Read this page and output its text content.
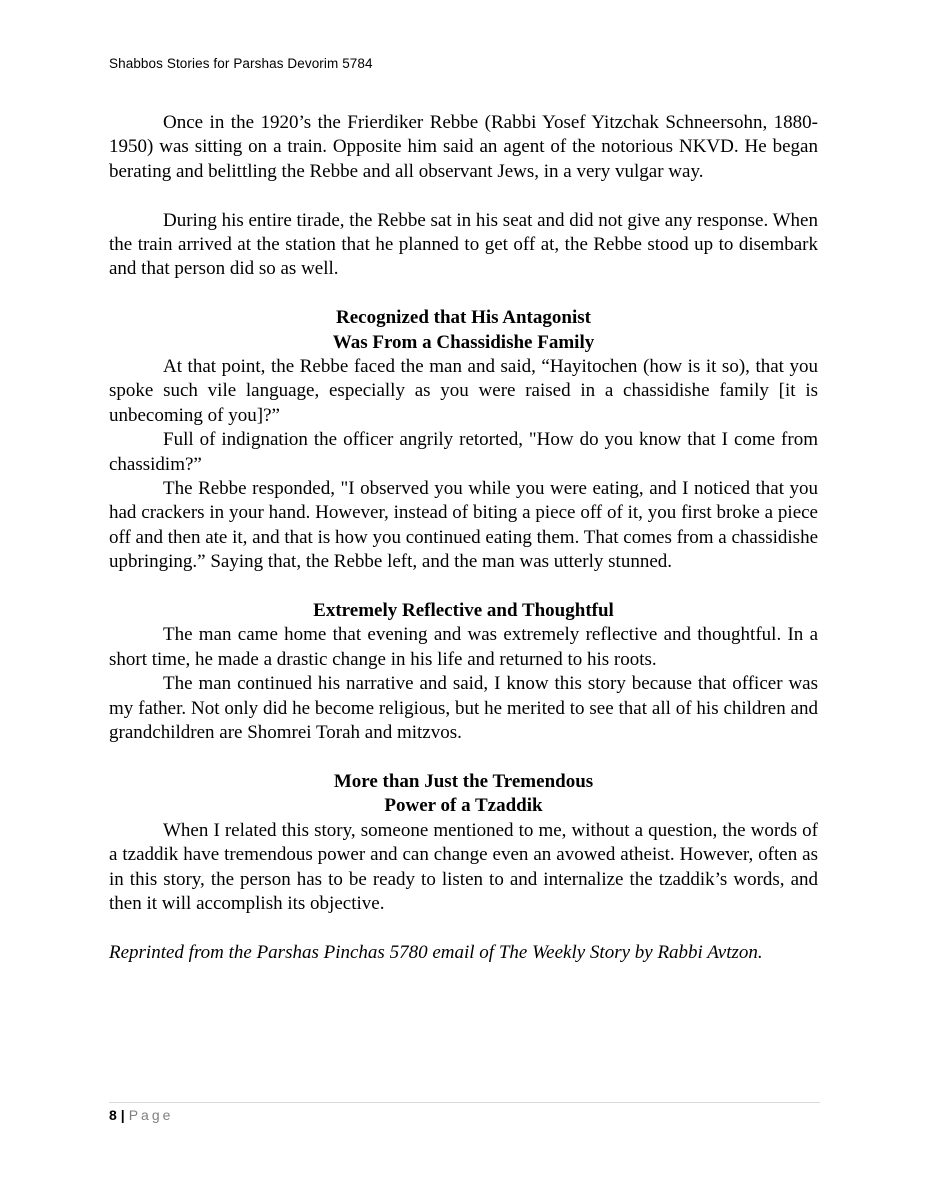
Shabbos Stories for Parshas Devorim 5784

Once in the 1920’s the Frierdiker Rebbe (Rabbi Yosef Yitzchak Schneersohn, 1880-1950) was sitting on a train. Opposite him said an agent of the notorious NKVD. He began berating and belittling the Rebbe and all observant Jews, in a very vulgar way.

During his entire tirade, the Rebbe sat in his seat and did not give any response. When the train arrived at the station that he planned to get off at, the Rebbe stood up to disembark and that person did so as well.

Recognized that His Antagonist
Was From a Chassidishe Family

At that point, the Rebbe faced the man and said, “Hayitochen (how is it so), that you spoke such vile language, especially as you were raised in a chassidishe family [it is unbecoming of you]?”

Full of indignation the officer angrily retorted, "How do you know that I come from chassidim?”

The Rebbe responded, "I observed you while you were eating, and I noticed that you had crackers in your hand. However, instead of biting a piece off of it, you first broke a piece off and then ate it, and that is how you continued eating them. That comes from a chassidishe upbringing.” Saying that, the Rebbe left, and the man was utterly stunned.

Extremely Reflective and Thoughtful

The man came home that evening and was extremely reflective and thoughtful. In a short time, he made a drastic change in his life and returned to his roots.

The man continued his narrative and said, I know this story because that officer was my father. Not only did he become religious, but he merited to see that all of his children and grandchildren are Shomrei Torah and mitzvos.

More than Just the Tremendous
Power of a Tzaddik

When I related this story, someone mentioned to me, without a question, the words of a tzaddik have tremendous power and can change even an avowed atheist. However, often as in this story, the person has to be ready to listen to and internalize the tzaddik’s words, and then it will accomplish its objective.

Reprinted from the Parshas Pinchas 5780 email of The Weekly Story by Rabbi Avtzon.

8 | Page
